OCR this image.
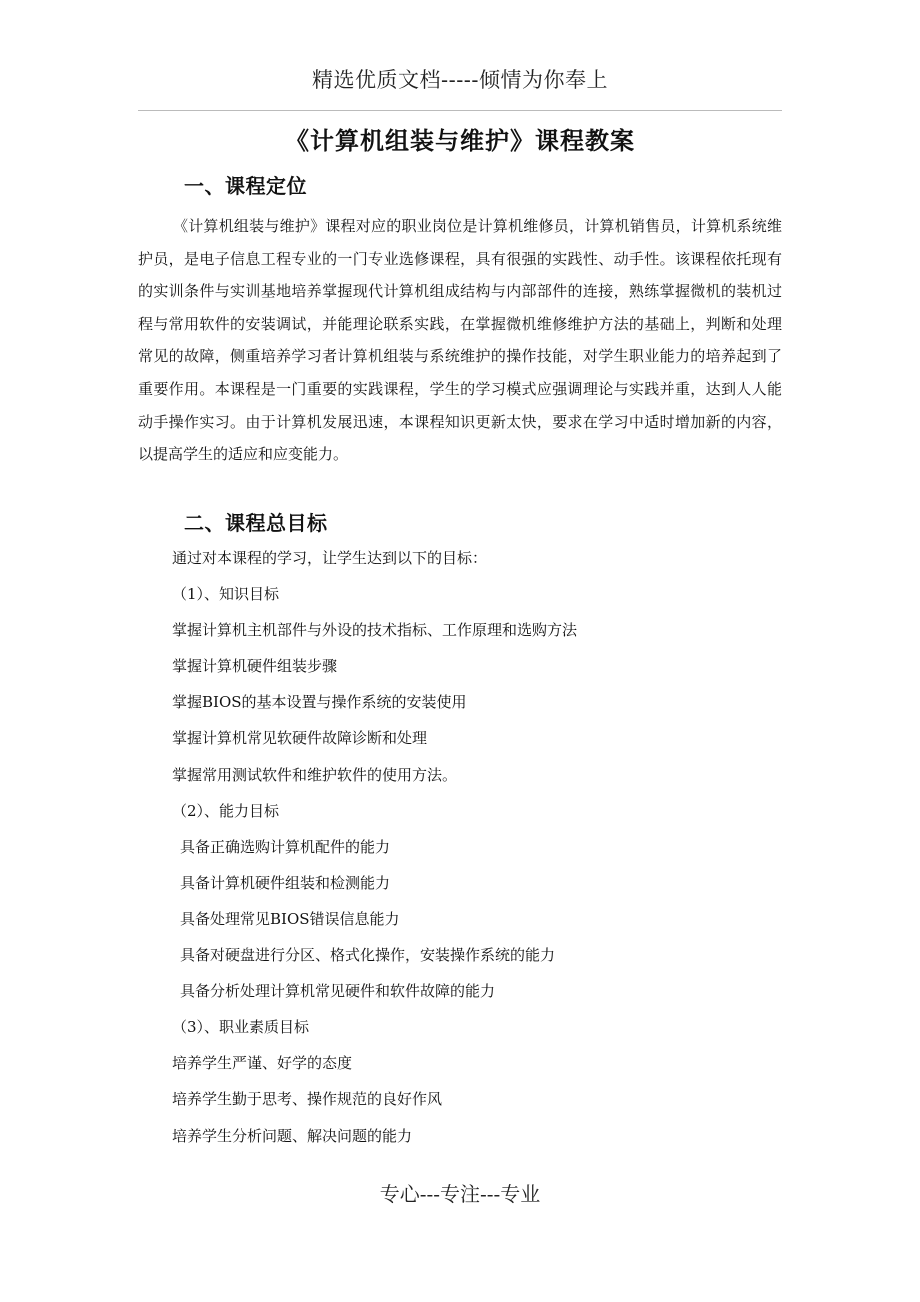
精选优质文档-----倾情为你奉上
《计算机组装与维护》课程教案
一、课程定位
《计算机组装与维护》课程对应的职业岗位是计算机维修员，计算机销售员，计算机系统维护员，是电子信息工程专业的一门专业选修课程，具有很强的实践性、动手性。该课程依托现有的实训条件与实训基地培养掌握现代计算机组成结构与内部部件的连接，熟练掌握微机的装机过程与常用软件的安装调试，并能理论联系实践，在掌握微机维修维护方法的基础上，判断和处理常见的故障，侧重培养学习者计算机组装与系统维护的操作技能，对学生职业能力的培养起到了重要作用。本课程是一门重要的实践课程，学生的学习模式应强调理论与实践并重，达到人人能动手操作实习。由于计算机发展迅速，本课程知识更新太快，要求在学习中适时增加新的内容，以提高学生的适应和应变能力。
二、课程总目标
通过对本课程的学习，让学生达到以下的目标：
（1）、知识目标
掌握计算机主机部件与外设的技术指标、工作原理和选购方法
掌握计算机硬件组装步骤
掌握BIOS的基本设置与操作系统的安装使用
掌握计算机常见软硬件故障诊断和处理
掌握常用测试软件和维护软件的使用方法。
（2）、能力目标
具备正确选购计算机配件的能力
具备计算机硬件组装和检测能力
具备处理常见BIOS错误信息能力
具备对硬盘进行分区、格式化操作，安装操作系统的能力
具备分析处理计算机常见硬件和软件故障的能力
（3）、职业素质目标
培养学生严谨、好学的态度
培养学生勤于思考、操作规范的良好作风
培养学生分析问题、解决问题的能力
专心---专注---专业
